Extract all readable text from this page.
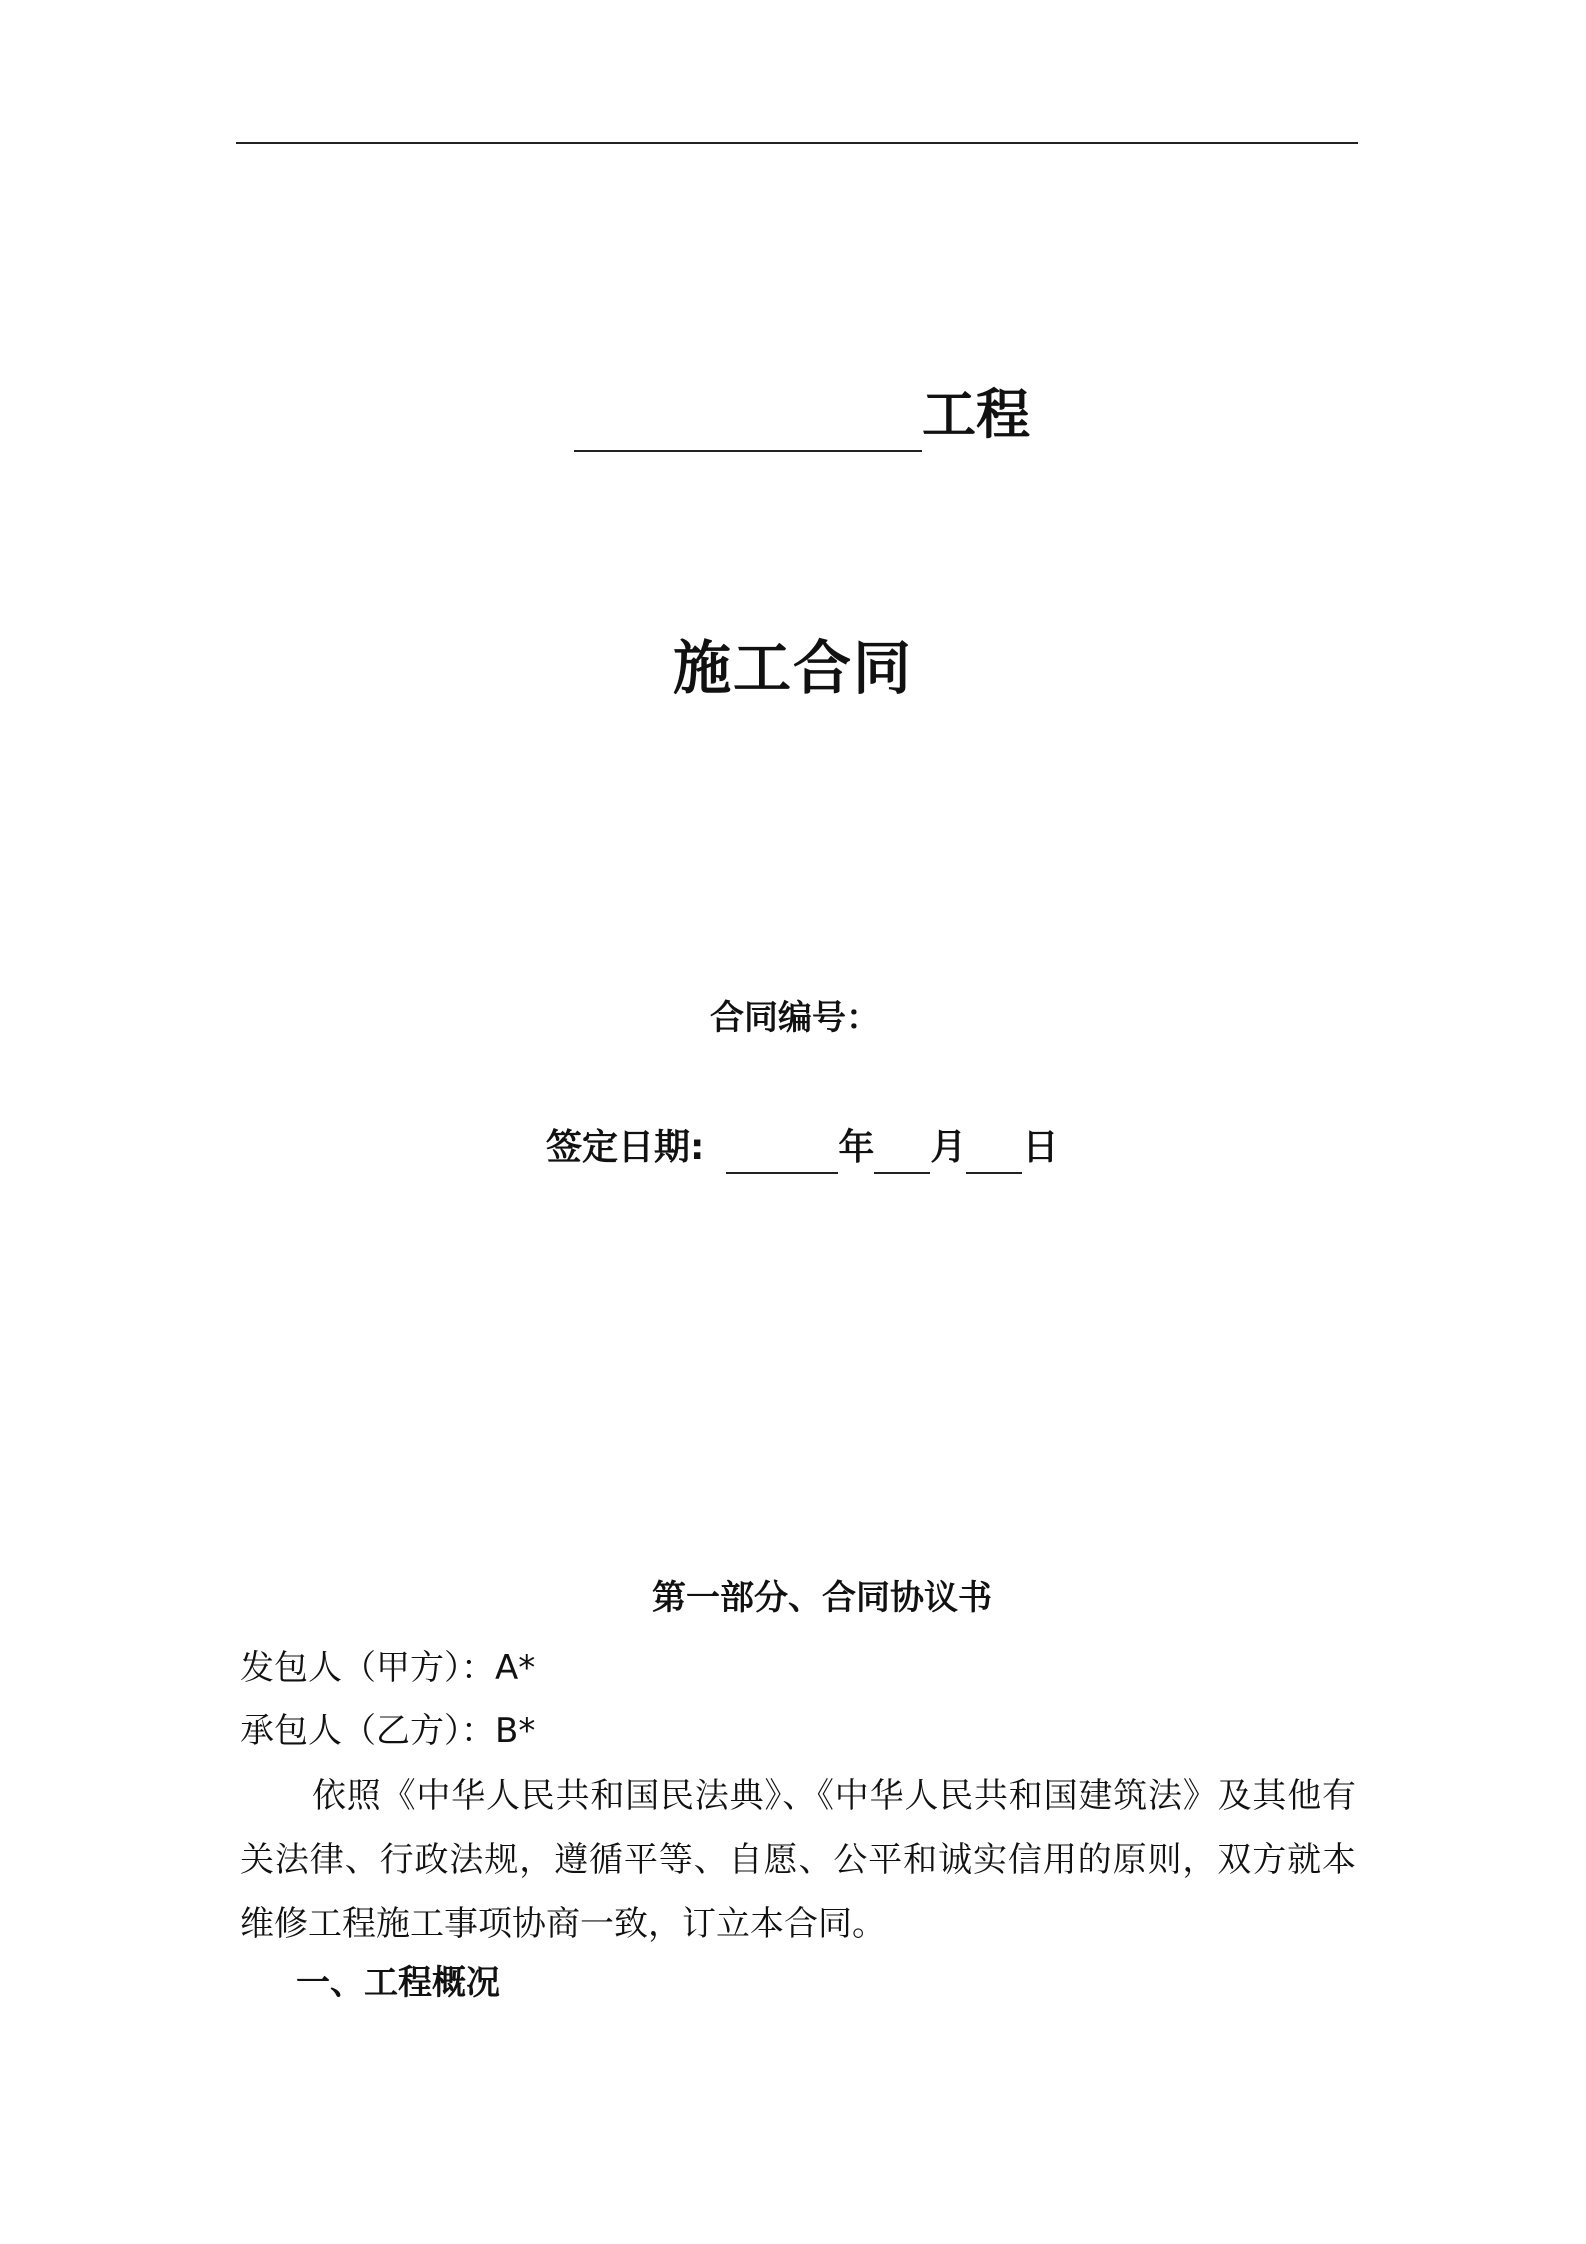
工程
施工合同
合同编号：
签定日期:	年 月 日
第一部分、合同协议书
发包人（甲方）：A*
承包人（乙方）：B*
依照《中华人民共和国民法典》、《中华人民共和国建筑法》及其他有关法律、行政法规，遵循平等、自愿、公平和诚实信用的原则，双方就本维修工程施工事项协商一致，订立本合同。
一、工程概况
